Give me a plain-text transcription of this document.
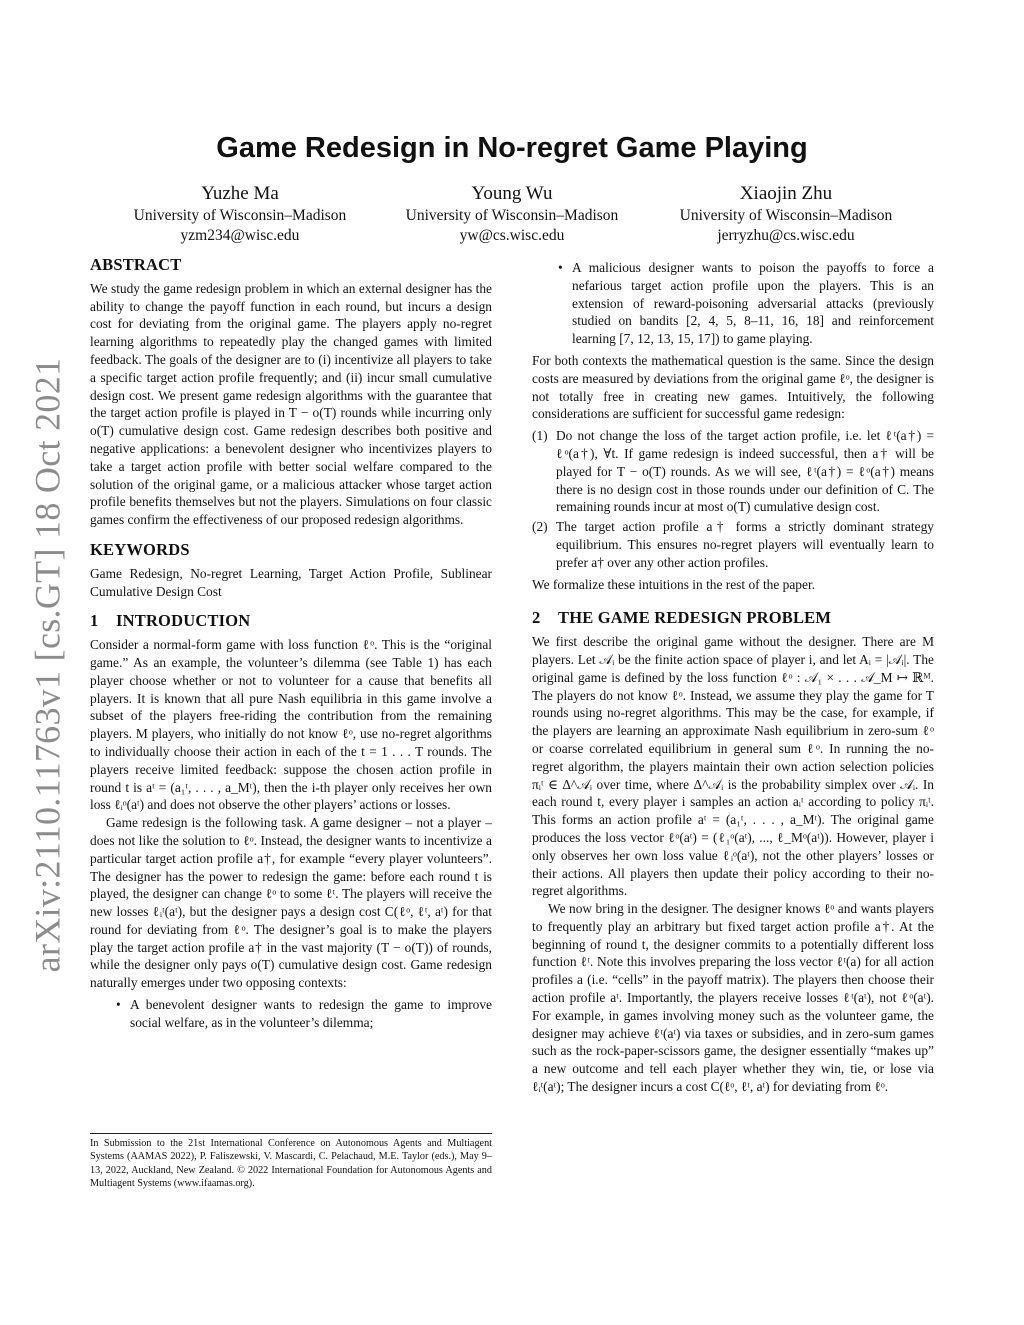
arXiv:2110.11763v1 [cs.GT] 18 Oct 2021
Game Redesign in No-regret Game Playing
Yuzhe Ma
University of Wisconsin–Madison
yzm234@wisc.edu
Young Wu
University of Wisconsin–Madison
yw@cs.wisc.edu
Xiaojin Zhu
University of Wisconsin–Madison
jerryzhu@cs.wisc.edu
ABSTRACT

We study the game redesign problem in which an external designer has the ability to change the payoff function in each round, but incurs a design cost for deviating from the original game. The players apply no-regret learning algorithms to repeatedly play the changed games with limited feedback. The goals of the designer are to (i) incentivize all players to take a specific target action profile frequently; and (ii) incur small cumulative design cost. We present game redesign algorithms with the guarantee that the target action profile is played in T − o(T) rounds while incurring only o(T) cumulative design cost. Game redesign describes both positive and negative applications: a benevolent designer who incentivizes players to take a target action profile with better social welfare compared to the solution of the original game, or a malicious attacker whose target action profile benefits themselves but not the players. Simulations on four classic games confirm the effectiveness of our proposed redesign algorithms.

KEYWORDS

Game Redesign, No-regret Learning, Target Action Profile, Sublinear Cumulative Design Cost

1 INTRODUCTION

Consider a normal-form game with loss function ℓᵒ. This is the “original game.” As an example, the volunteer’s dilemma (see Table 1) has each player choose whether or not to volunteer for a cause that benefits all players. It is known that all pure Nash equilibria in this game involve a subset of the players free-riding the contribution from the remaining players. M players, who initially do not know ℓᵒ, use no-regret algorithms to individually choose their action in each of the t = 1 . . . T rounds. The players receive limited feedback: suppose the chosen action profile in round t is aᵗ = (a₁ᵗ, . . . , a_Mᵗ), then the i-th player only receives her own loss ℓᵢᵒ(aᵗ) and does not observe the other players’ actions or losses.

Game redesign is the following task. A game designer – not a player – does not like the solution to ℓᵒ. Instead, the designer wants to incentivize a particular target action profile a†, for example “every player volunteers”. The designer has the power to redesign the game: before each round t is played, the designer can change ℓᵒ to some ℓᵗ. The players will receive the new losses ℓᵢᵗ(aᵗ), but the designer pays a design cost C(ℓᵒ, ℓᵗ, aᵗ) for that round for deviating from ℓᵒ. The designer’s goal is to make the players play the target action profile a† in the vast majority (T − o(T)) of rounds, while the designer only pays o(T) cumulative design cost. Game redesign naturally emerges under two opposing contexts:

• A benevolent designer wants to redesign the game to improve social welfare, as in the volunteer’s dilemma;
• A malicious designer wants to poison the payoffs to force a nefarious target action profile upon the players. This is an extension of reward-poisoning adversarial attacks (previously studied on bandits [2, 4, 5, 8–11, 16, 18] and reinforcement learning [7, 12, 13, 15, 17]) to game playing.

For both contexts the mathematical question is the same. Since the design costs are measured by deviations from the original game ℓᵒ, the designer is not totally free in creating new games. Intuitively, the following considerations are sufficient for successful game redesign:

(1) Do not change the loss of the target action profile, i.e. let ℓᵗ(a†) = ℓᵒ(a†), ∀t. If game redesign is indeed successful, then a† will be played for T − o(T) rounds. As we will see, ℓᵗ(a†) = ℓᵒ(a†) means there is no design cost in those rounds under our definition of C. The remaining rounds incur at most o(T) cumulative design cost.
(2) The target action profile a† forms a strictly dominant strategy equilibrium. This ensures no-regret players will eventually learn to prefer a† over any other action profiles.

We formalize these intuitions in the rest of the paper.

2 THE GAME REDESIGN PROBLEM

We first describe the original game without the designer. There are M players. Let 𝒜ᵢ be the finite action space of player i, and let Aᵢ = |𝒜ᵢ|. The original game is defined by the loss function ℓᵒ : 𝒜₁ × . . . 𝒜_M ↦ ℝᴹ. The players do not know ℓᵒ. Instead, we assume they play the game for T rounds using no-regret algorithms. This may be the case, for example, if the players are learning an approximate Nash equilibrium in zero-sum ℓᵒ or coarse correlated equilibrium in general sum ℓᵒ. In running the no-regret algorithm, the players maintain their own action selection policies πᵢᵗ ∈ Δ^𝒜ᵢ over time, where Δ^𝒜ᵢ is the probability simplex over 𝒜ᵢ. In each round t, every player i samples an action aᵢᵗ according to policy πᵢᵗ. This forms an action profile aᵗ = (a₁ᵗ, . . . , a_Mᵗ). The original game produces the loss vector ℓᵒ(aᵗ) = (ℓ₁ᵒ(aᵗ), ..., ℓ_Mᵒ(aᵗ)). However, player i only observes her own loss value ℓᵢᵒ(aᵗ), not the other players’ losses or their actions. All players then update their policy according to their no-regret algorithms.

We now bring in the designer. The designer knows ℓᵒ and wants players to frequently play an arbitrary but fixed target action profile a†. At the beginning of round t, the designer commits to a potentially different loss function ℓᵗ. Note this involves preparing the loss vector ℓᵗ(a) for all action profiles a (i.e. “cells” in the payoff matrix). The players then choose their action profile aᵗ. Importantly, the players receive losses ℓᵗ(aᵗ), not ℓᵒ(aᵗ). For example, in games involving money such as the volunteer game, the designer may achieve ℓᵗ(aᵗ) via taxes or subsidies, and in zero-sum games such as the rock-paper-scissors game, the designer essentially “makes up” a new outcome and tell each player whether they win, tie, or lose via ℓᵢᵗ(aᵗ); The designer incurs a cost C(ℓᵒ, ℓᵗ, aᵗ) for deviating from ℓᵒ.

In Submission to the 21st International Conference on Autonomous Agents and Multiagent Systems (AAMAS 2022), P. Faliszewski, V. Mascardi, C. Pelachaud, M.E. Taylor (eds.), May 9–13, 2022, Auckland, New Zealand. © 2022 International Foundation for Autonomous Agents and Multiagent Systems (www.ifaamas.org).
